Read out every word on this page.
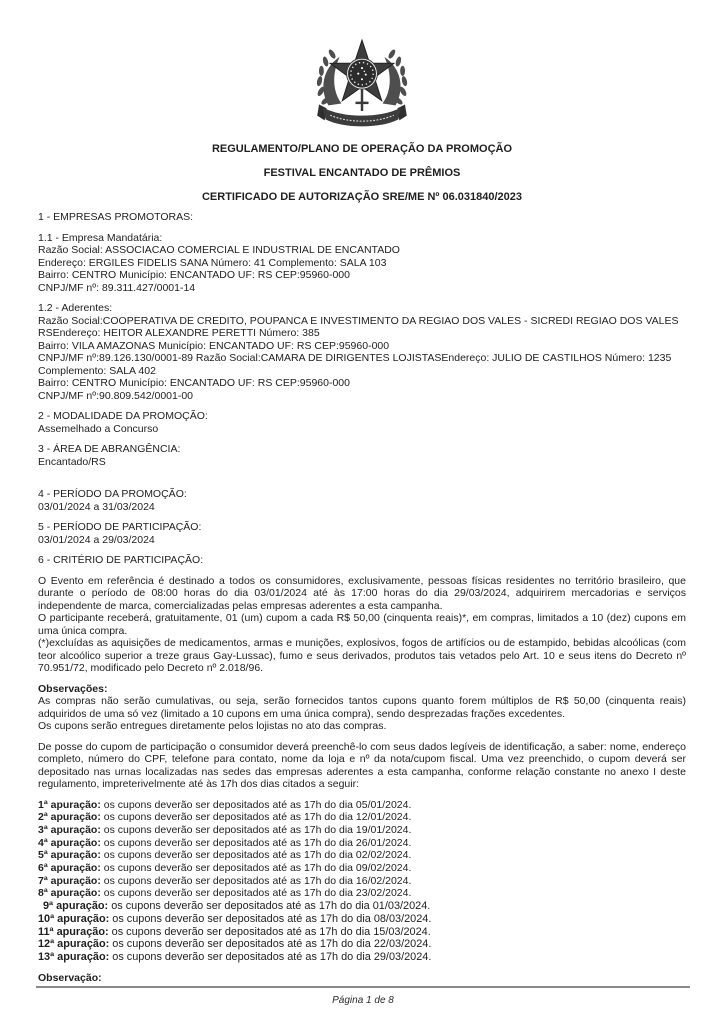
REGULAMENTO/PLANO DE OPERAÇÃO DA PROMOÇÃO
FESTIVAL ENCANTADO DE PRÊMIOS
CERTIFICADO DE AUTORIZAÇÃO SRE/ME Nº 06.031840/2023

1 - EMPRESAS PROMOTORAS:

1.1 - Empresa Mandatária:

Razão Social: ASSOCIACAO COMERCIAL E INDUSTRIAL DE ENCANTADO

Endereço: ERGILES FIDELIS SANA Número: 41 Complemento: SALA 103

Bairro: CENTRO Município: ENCANTADO UF: RS CEP:95960-000

CNPJ/MF nº: 89.311.427/0001-14

1.2 - Aderentes:

Razão Social:COOPERATIVA DE CREDITO, POUPANCA E INVESTIMENTO DA REGIAO DOS VALES - SICREDI REGIAO DOS VALES

RSEndereço: HEITOR ALEXANDRE PERETTI Número: 385

Bairro: VILA AMAZONAS Município: ENCANTADO UF: RS CEP:95960-000

CNPJ/MF nº:89.126.130/0001-89 Razão Social:CAMARA DE DIRIGENTES LOJISTASEndereço: JULIO DE CASTILHOS Número: 1235

Complemento: SALA 402

Bairro: CENTRO Município: ENCANTADO UF: RS CEP:95960-000

CNPJ/MF nº:90.809.542/0001-00

2 - MODALIDADE DA PROMOÇÃO:

Assemelhado a Concurso

3 - ÁREA DE ABRANGÊNCIA:

Encantado/RS

4 - PERÍODO DA PROMOÇÃO:

03/01/2024 a 31/03/2024

5 - PERÍODO DE PARTICIPAÇÃO:

03/01/2024 a 29/03/2024

6 - CRITÉRIO DE PARTICIPAÇÃO:

O Evento em referência é destinado a todos os consumidores, exclusivamente, pessoas físicas residentes no território brasileiro, que durante o período de 08:00 horas do dia 03/01/2024 até às 17:00 horas do dia 29/03/2024, adquirirem mercadorias e serviços independente de marca, comercializadas pelas empresas aderentes a esta campanha.

O participante receberá, gratuitamente, 01 (um) cupom a cada R$ 50,00 (cinquenta reais)*, em compras, limitados a 10 (dez) cupons em uma única compra.

(*)excluídas as aquisições de medicamentos, armas e munições, explosivos, fogos de artifícios ou de estampido, bebidas alcoólicas (com teor alcoólico superior a treze graus Gay-Lussac), fumo e seus derivados, produtos tais vetados pelo Art. 10 e seus itens do Decreto nº 70.951/72, modificado pelo Decreto nº 2.018/96.

Observações:

As compras não serão cumulativas, ou seja, serão fornecidos tantos cupons quanto forem múltiplos de R$ 50,00 (cinquenta reais) adquiridos de uma só vez (limitado a 10 cupons em uma única compra), sendo desprezadas frações excedentes.

Os cupons serão entregues diretamente pelos lojistas no ato das compras.

De posse do cupom de participação o consumidor deverá preenchê-lo com seus dados legíveis de identificação, a saber: nome, endereço completo, número do CPF, telefone para contato, nome da loja e nº da nota/cupom fiscal. Uma vez preenchido, o cupom deverá ser depositado nas urnas localizadas nas sedes das empresas aderentes a esta campanha, conforme relação constante no anexo I deste regulamento, impreterivelmente até às 17h dos dias citados a seguir:

1ª apuração: os cupons deverão ser depositados até as 17h do dia 05/01/2024.
2ª apuração: os cupons deverão ser depositados até as 17h do dia 12/01/2024.
3ª apuração: os cupons deverão ser depositados até as 17h do dia 19/01/2024.
4ª apuração: os cupons deverão ser depositados até as 17h do dia 26/01/2024.
5ª apuração: os cupons deverão ser depositados até as 17h do dia 02/02/2024.
6ª apuração: os cupons deverão ser depositados até as 17h do dia 09/02/2024.
7ª apuração: os cupons deverão ser depositados até as 17h do dia 16/02/2024.
8ª apuração: os cupons deverão ser depositados até as 17h do dia 23/02/2024.
9ª apuração: os cupons deverão ser depositados até as 17h do dia 01/03/2024.
10ª apuração: os cupons deverão ser depositados até as 17h do dia 08/03/2024.
11ª apuração: os cupons deverão ser depositados até as 17h do dia 15/03/2024.
12ª apuração: os cupons deverão ser depositados até as 17h do dia 22/03/2024.
13ª apuração: os cupons deverão ser depositados até as 17h do dia 29/03/2024.

Observação:

Página 1 de 8
